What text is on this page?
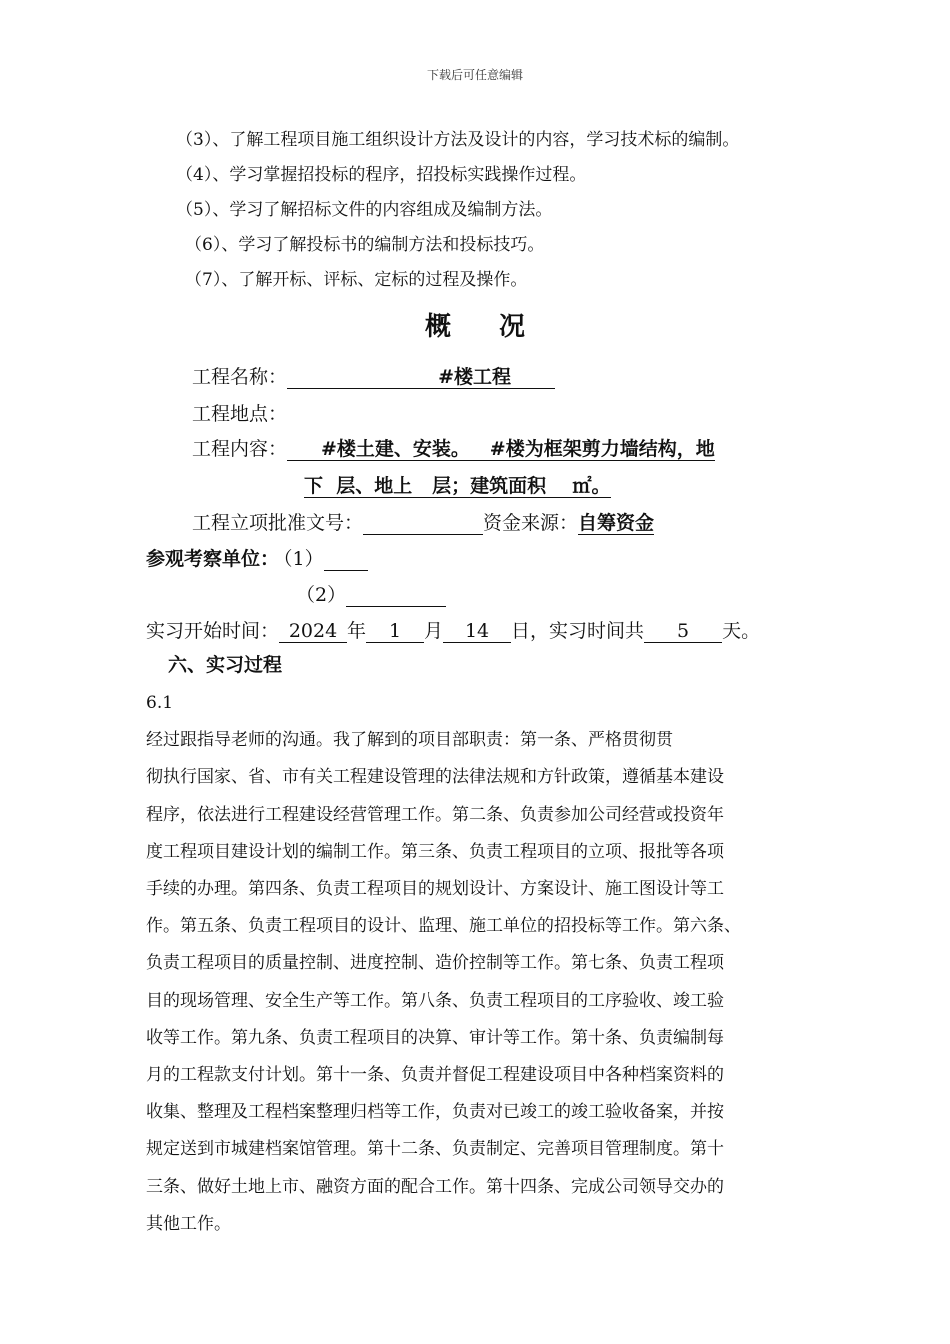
下载后可任意编辑
（3）、了解工程项目施工组织设计方法及设计的内容，学习技术标的编制。
（4）、学习掌握招投标的程序，招投标实践操作过程。
（5）、学习了解招标文件的内容组成及编制方法。
（6）、学习了解投标书的编制方法和投标技巧。
（7）、了解开标、评标、定标的过程及操作。
概况
工程名称：	#楼工程
工程地点：
工程内容： #楼土建、安装。   #楼为框架剪力墙结构，地
下  层、地上   层；建筑面积    ㎡。
工程立项批准文号：	资金来源：自筹资金
参观考察单位： （1）
（2）
实习开始时间： 2024 年 1 月 14 日，实习时间共 5 天。
六、实习过程
6.1
经过跟指导老师的沟通。我了解到的项目部职责：第一条、严格贯彻贯
彻执行国家、省、市有关工程建设管理的法律法规和方针政策，遵循基本建设
程序，依法进行工程建设经营管理工作。第二条、负责参加公司经营或投资年
度工程项目建设计划的编制工作。第三条、负责工程项目的立项、报批等各项
手续的办理。第四条、负责工程项目的规划设计、方案设计、施工图设计等工
作。第五条、负责工程项目的设计、监理、施工单位的招投标等工作。第六条、
负责工程项目的质量控制、进度控制、造价控制等工作。第七条、负责工程项
目的现场管理、安全生产等工作。第八条、负责工程项目的工序验收、竣工验
收等工作。第九条、负责工程项目的决算、审计等工作。第十条、负责编制每
月的工程款支付计划。第十一条、负责并督促工程建设项目中各种档案资料的
收集、整理及工程档案整理归档等工作，负责对已竣工的竣工验收备案，并按
规定送到市城建档案馆管理。第十二条、负责制定、完善项目管理制度。第十
三条、做好土地上市、融资方面的配合工作。第十四条、完成公司领导交办的
其他工作。
